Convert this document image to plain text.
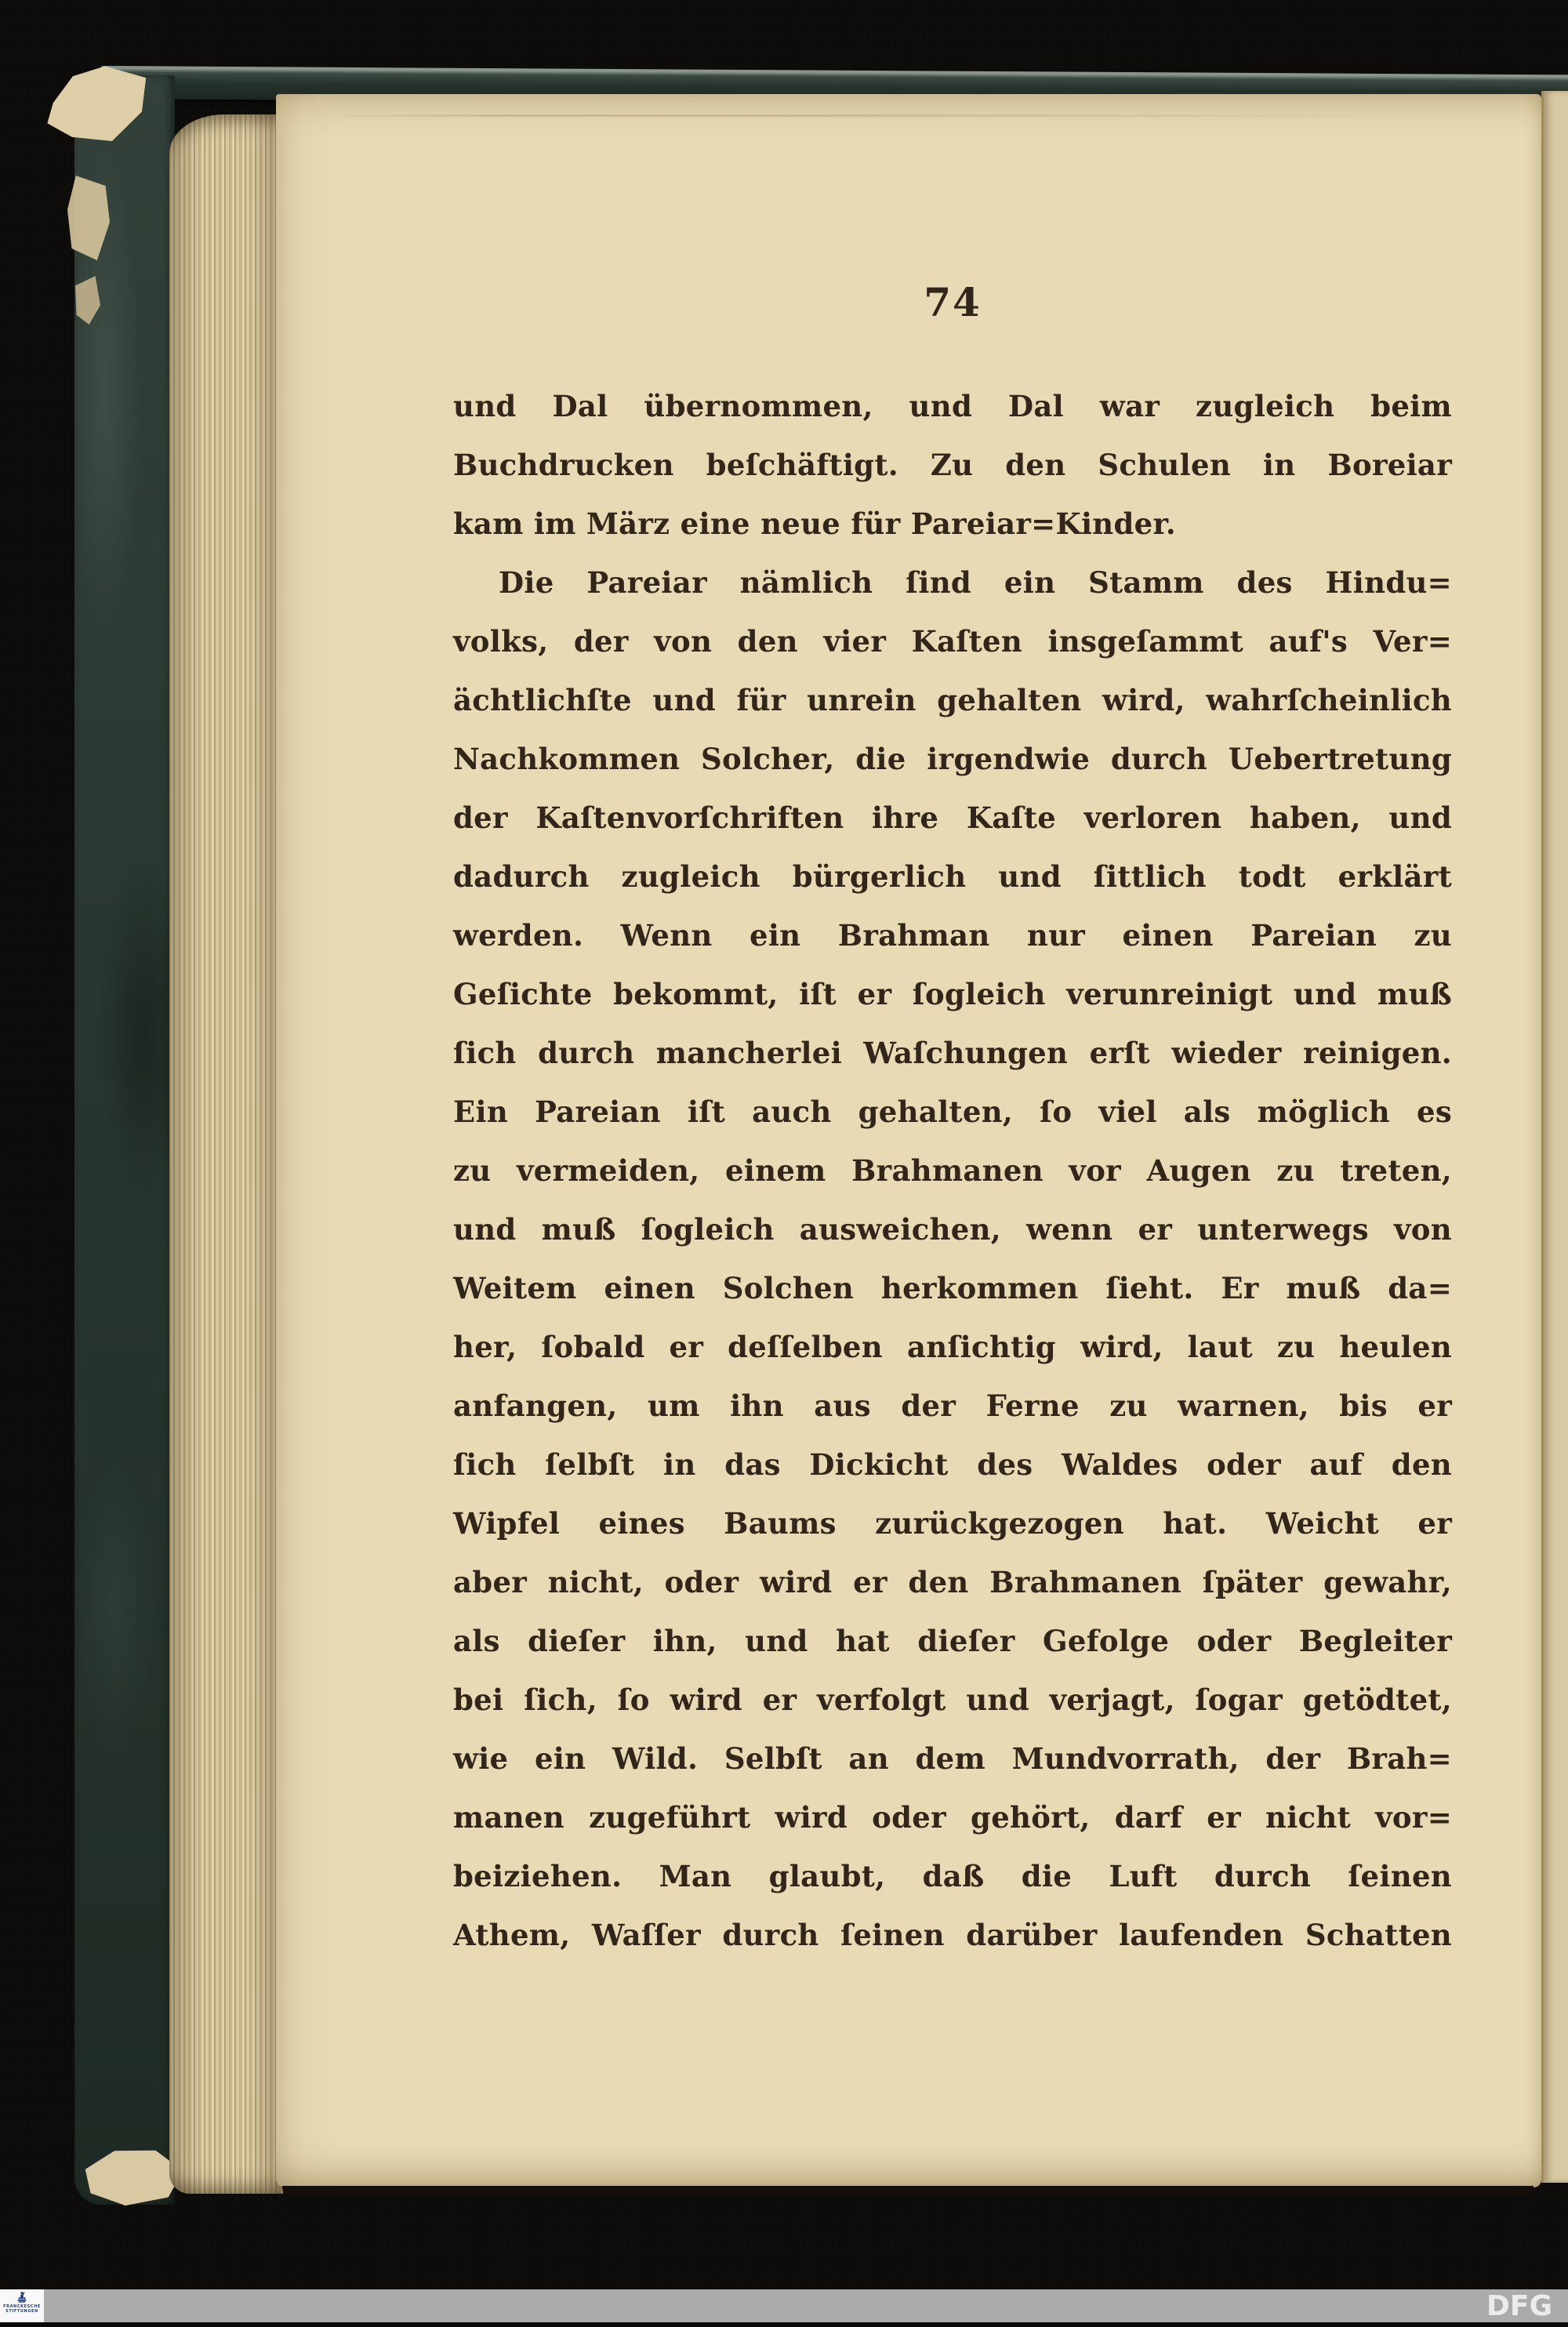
74
und Dal übernommen, und Dal war zugleich beim
Buchdrucken beſchäftigt. Zu den Schulen in Boreiar
kam im März eine neue für Pareiar=Kinder.
Die Pareiar nämlich ſind ein Stamm des Hindu=
volks, der von den vier Kaſten insgeſammt auf's Ver=
ächtlichſte und für unrein gehalten wird, wahrſcheinlich
Nachkommen Solcher, die irgendwie durch Uebertretung
der Kaſtenvorſchriften ihre Kaſte verloren haben, und
dadurch zugleich bürgerlich und ſittlich todt erklärt
werden. Wenn ein Brahman nur einen Pareian zu
Geſichte bekommt, iſt er ſogleich verunreinigt und muß
ſich durch mancherlei Waſchungen erſt wieder reinigen.
Ein Pareian iſt auch gehalten, ſo viel als möglich es
zu vermeiden, einem Brahmanen vor Augen zu treten,
und muß ſogleich ausweichen, wenn er unterwegs von
Weitem einen Solchen herkommen ſieht. Er muß da=
her, ſobald er deſſelben anſichtig wird, laut zu heulen
anfangen, um ihn aus der Ferne zu warnen, bis er
ſich ſelbſt in das Dickicht des Waldes oder auf den
Wipfel eines Baums zurückgezogen hat. Weicht er
aber nicht, oder wird er den Brahmanen ſpäter gewahr,
als dieſer ihn, und hat dieſer Gefolge oder Begleiter
bei ſich, ſo wird er verfolgt und verjagt, ſogar getödtet,
wie ein Wild. Selbſt an dem Mundvorrath, der Brah=
manen zugeführt wird oder gehört, darf er nicht vor=
beiziehen. Man glaubt, daß die Luft durch ſeinen
Athem, Waſſer durch ſeinen darüber laufenden Schatten
FRANCKESCHE
STIFTUNGEN	DFG
